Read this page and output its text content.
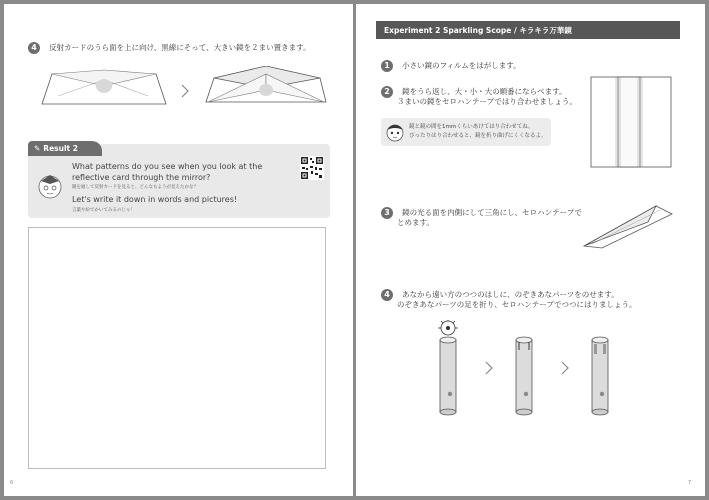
4 反射カードのうら面を上に向け、黒線にそって、大きい鏡を２まい置きます。
✎ Result 2
What patterns do you see when you look at the reflective card through the mirror?
鏡を通して反射カードを見ると、どんなもようが見えたかな？
Let's write it down in words and pictures!
言葉や絵でかいてみるのじゃ！
6
Experiment 2 Sparkling Scope / キラキラ万華鏡
1 小さい鏡のフィルムをはがします。
2 鏡をうら返し、大・小・大の順番にならべます。
３まいの鏡をセロハンテープではり合わせましょう。
鏡と鏡の間を1mmくらいあけてはり合わせてね。
ぴったりはり合わせると、鏡を折り曲げにくくなるよ。
3 鏡の光る面を内側にして三角にし、セロハンテープで
とめます。
4 あなから遠い方のつつのはしに、のぞきあなパーツをのせます。
のぞきあなパーツの足を折り、セロハンテープでつつにはりましょう。
7
